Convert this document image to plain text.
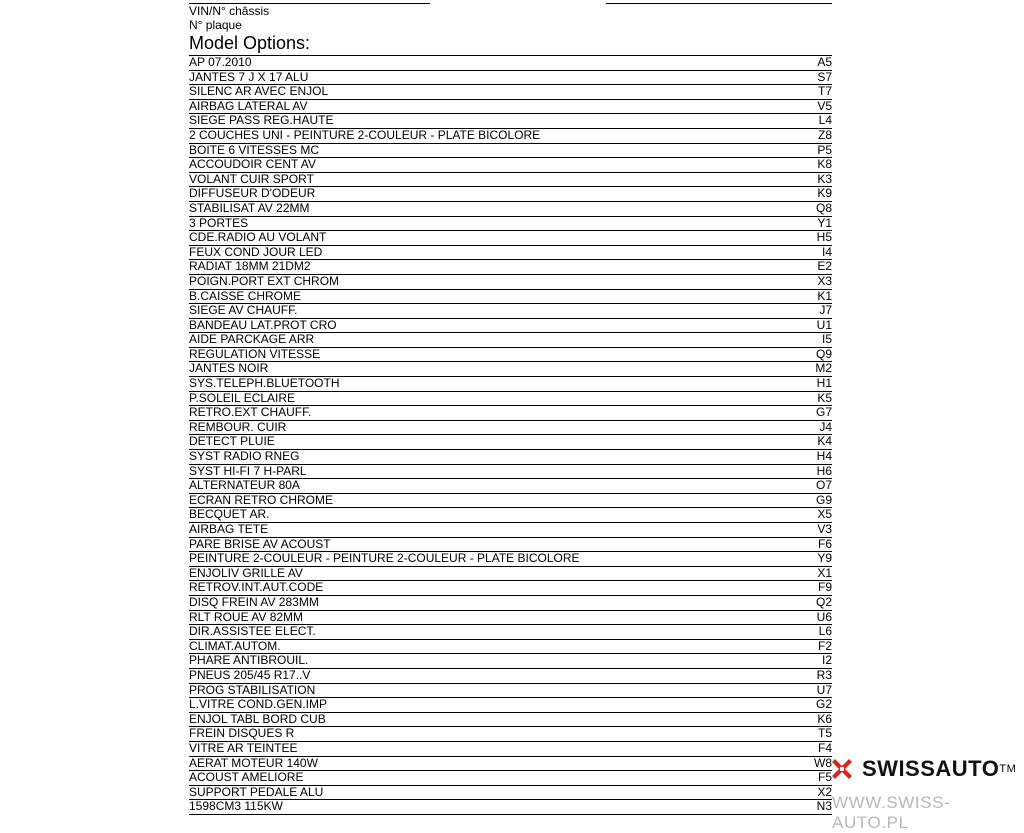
VIN/N° châssis
N° plaque
Model Options:
AP 07.2010	A5
JANTES 7 J X 17 ALU	S7
SILENC AR AVEC ENJOL	T7
AIRBAG LATERAL AV	V5
SIEGE PASS REG.HAUTE	L4
2 COUCHES UNI - PEINTURE 2-COULEUR - PLATE BICOLORE	Z8
BOITE 6 VITESSES MC	P5
ACCOUDOIR CENT AV	K8
VOLANT CUIR SPORT	K3
DIFFUSEUR D'ODEUR	K9
STABILISAT AV 22MM	Q8
3 PORTES	Y1
CDE.RADIO AU VOLANT	H5
FEUX COND JOUR LED	I4
RADIAT 18MM 21DM2	E2
POIGN.PORT EXT CHROM	X3
B.CAISSE CHROME	K1
SIEGE AV CHAUFF.	J7
BANDEAU LAT.PROT CRO	U1
AIDE PARCKAGE ARR	I5
REGULATION VITESSE	Q9
JANTES NOIR	M2
SYS.TELEPH.BLUETOOTH	H1
P.SOLEIL ECLAIRE	K5
RETRO.EXT CHAUFF.	G7
REMBOUR. CUIR	J4
DETECT PLUIE	K4
SYST RADIO RNEG	H4
SYST HI-FI 7 H-PARL	H6
ALTERNATEUR 80A	O7
ECRAN RETRO CHROME	G9
BECQUET AR.	X5
AIRBAG TETE	V3
PARE BRISE AV ACOUST	F6
PEINTURE 2-COULEUR - PEINTURE 2-COULEUR - PLATE BICOLORE	Y9
ENJOLIV GRILLE AV	X1
RETROV.INT.AUT.CODE	F9
DISQ FREIN AV 283MM	Q2
RLT ROUE AV 82MM	U6
DIR.ASSISTEE ELECT.	L6
CLIMAT.AUTOM.	F2
PHARE ANTIBROUIL.	I2
PNEUS 205/45 R17..V	R3
PROG STABILISATION	U7
L.VITRE COND.GEN.IMP	G2
ENJOL TABL BORD CUB	K6
FREIN DISQUES R	T5
VITRE AR TEINTEE	F4
AERAT MOTEUR 140W	W8
ACOUST AMELIORE	F5
SUPPORT PEDALE ALU	X2
1598CM3 115KW	N3
SWISSAUTO™
WWW.SWISS-AUTO.PL
